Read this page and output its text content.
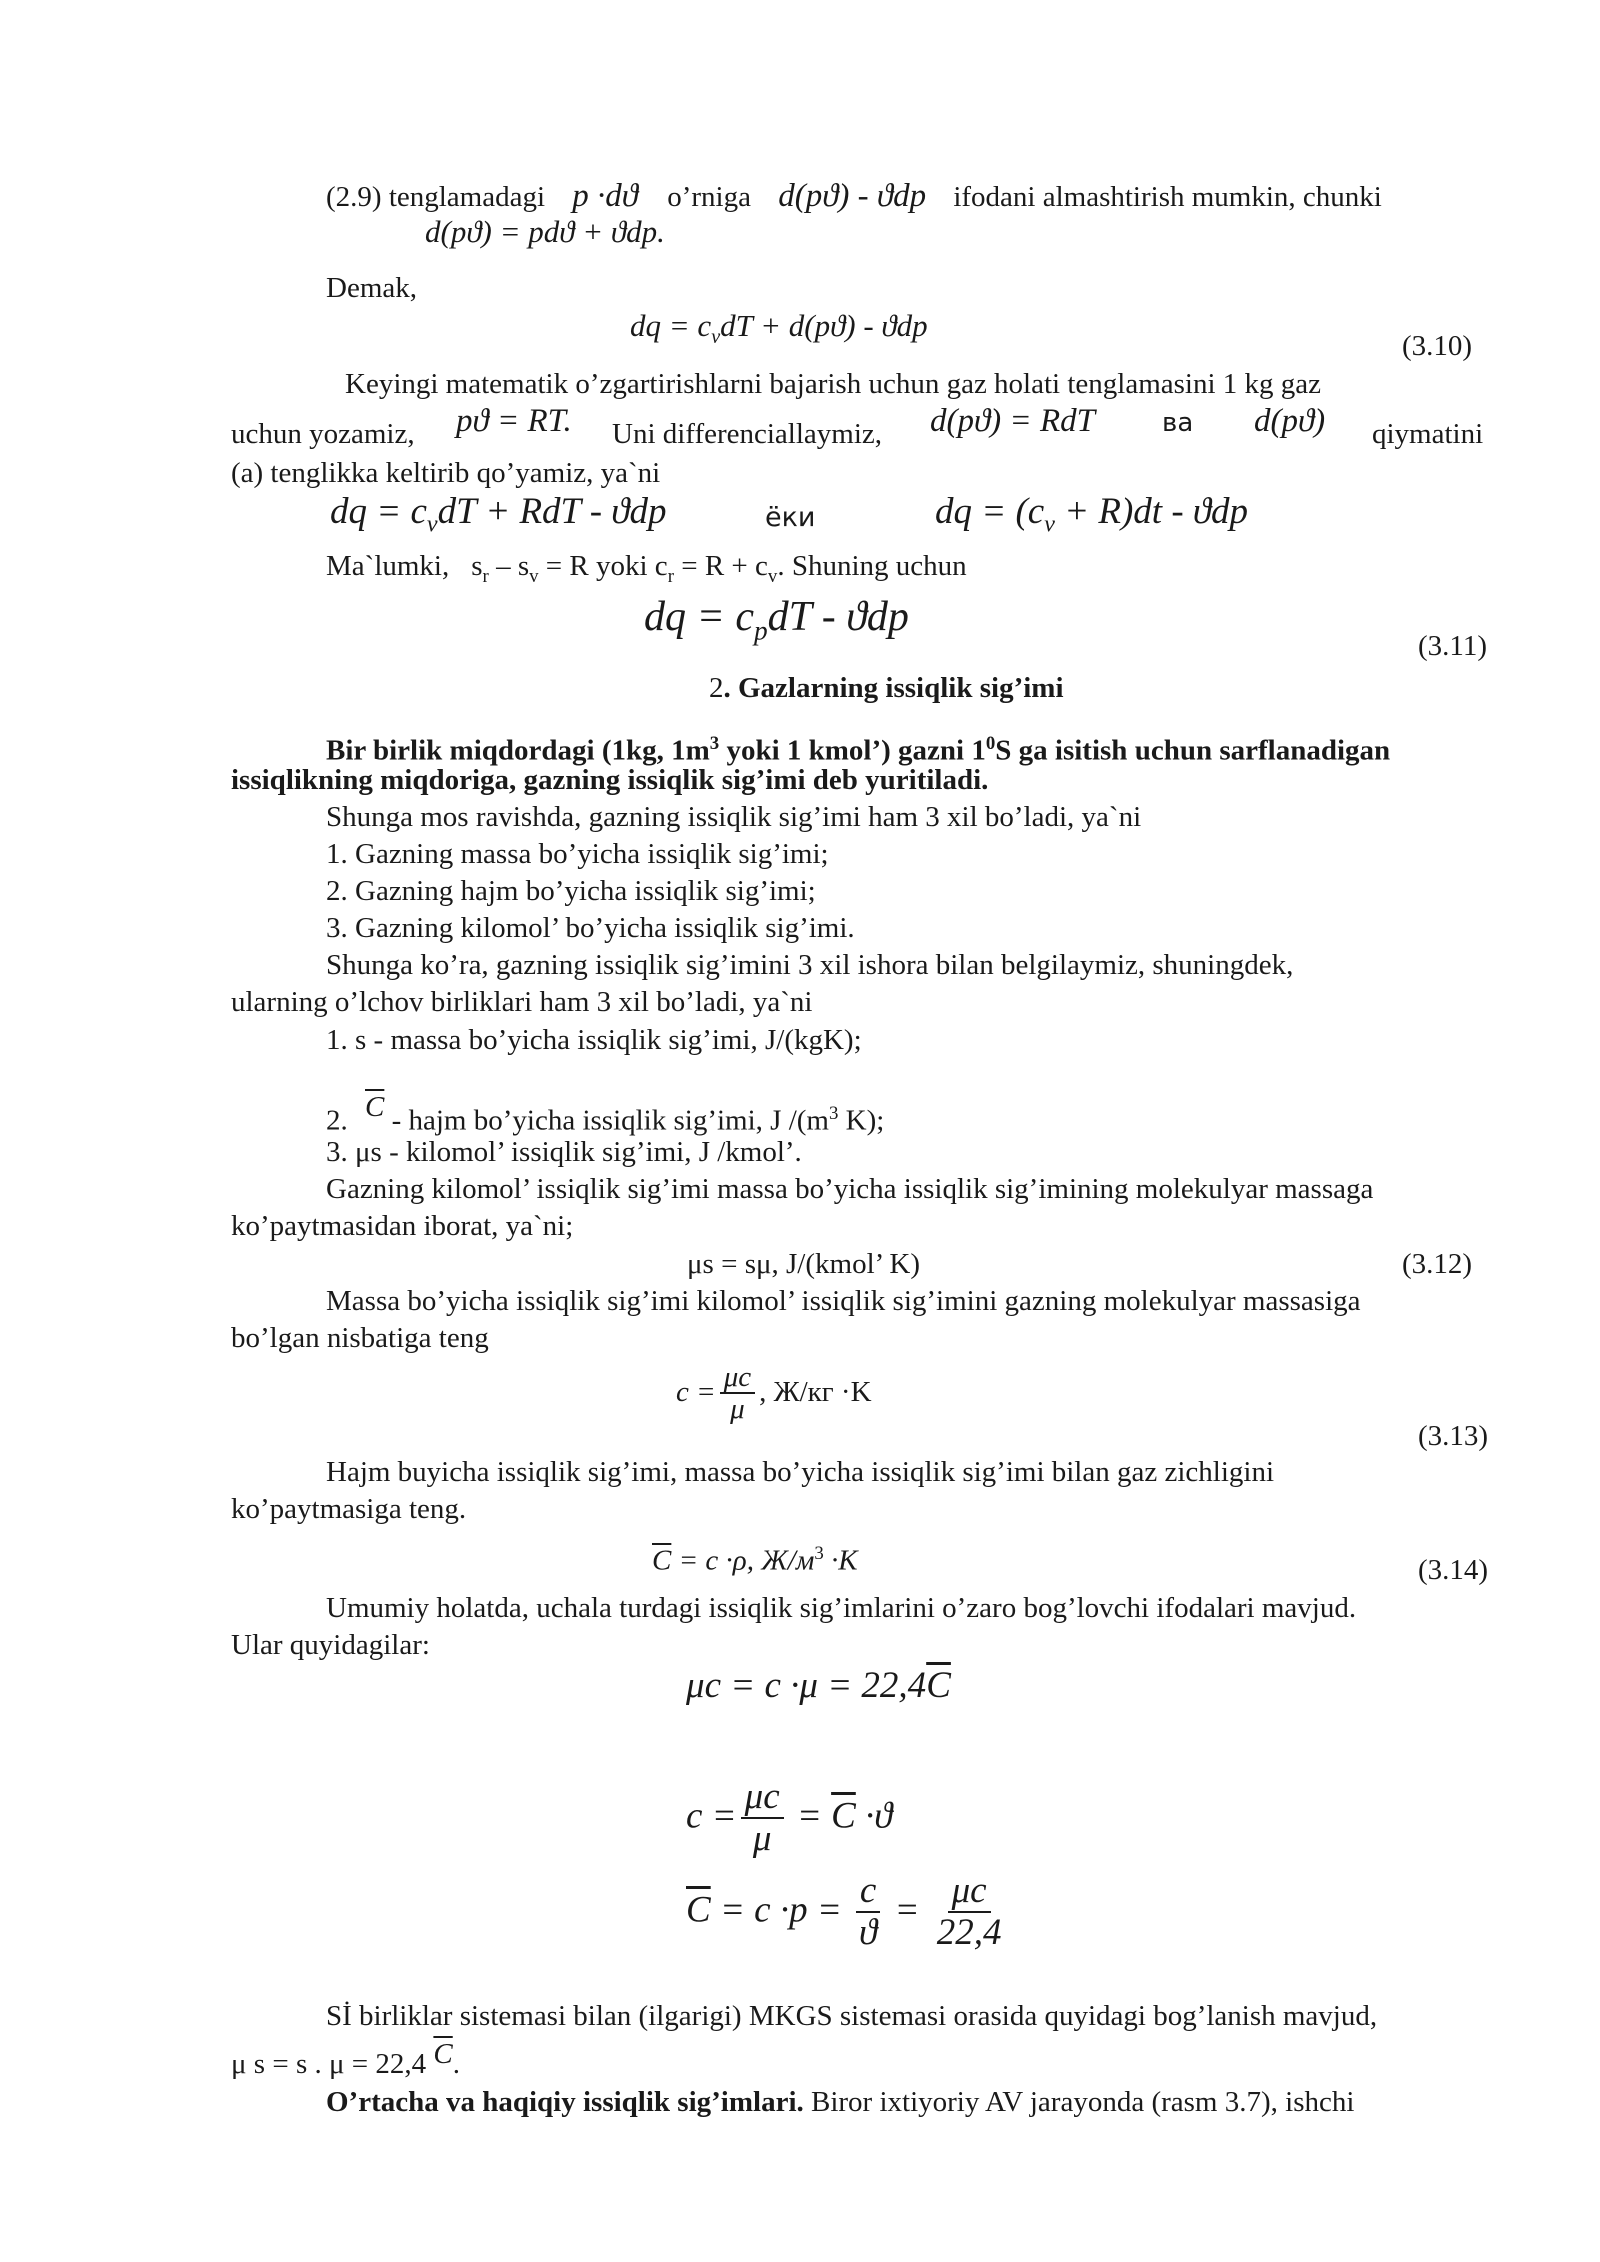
(2.9) tenglamadagi p ·dϑ o’rniga d(pϑ) - ϑdp ifodani almashtirish mumkin, chunki
d(pϑ) = pdϑ + ϑdp.
Demak,
dq = $c_vdT + d(pϑ) - ϑdp$
(3.10)
Keyingi matematik o’zgartirishlarni bajarish uchun gaz holati tenglamasini 1 kg gaz
uchun yozamiz, pϑ = RT. Uni differenciallaymiz, d(pϑ) = RdT	ва d(pϑ) qiymatini
(a) tenglikka keltirib qo’yamiz, ya`ni
dq = $c_vdT$ + RdT - ϑdp	ёки	dq = $(c_v + R)dt - ϑdp$
Ma`lumki, $s_r - s_v = R$ yoki $c_r = R + c_v$. Shuning uchun
dq = $c_pdT$ - ϑdp
(3.11)
2. Gazlarning issiqlik sig’imi
Bir birlik miqdordagi (1kg, $1m^3$ yoki 1 kmol’) gazni $1^0S$ ga isitish uchun sarflanadigan
issiqlikning miqdoriga, gazning issiqlik sig’imi deb yuritiladi.
Shunga mos ravishda, gazning issiqlik sig’imi ham 3 xil bo’ladi, ya`ni
1. Gazning massa bo’yicha issiqlik sig’imi;
2. Gazning hajm bo’yicha issiqlik sig’imi;
3. Gazning kilomol’ bo’yicha issiqlik sig’imi.
Shunga ko’ra, gazning issiqlik sig’imini 3 xil ishora bilan belgilaymiz, shuningdek,
ularning o’lchov birliklari ham 3 xil bo’ladi, ya`ni
1. s - massa bo’yicha issiqlik sig’imi, J/(kgK);
2. $\overline{C}$ - hajm bo’yicha issiqlik sig’imi, J $/(m^3$ K);
3. μs - kilomol’ issiqlik sig’imi, J /kmol’.
Gazning kilomol’ issiqlik sig’imi massa bo’yicha issiqlik sig’imining molekulyar massaga
ko’paytmasidan iborat, ya`ni;
μs = sμ, J/(kmol’ K)	(3.12)
Massa bo’yicha issiqlik sig’imi kilomol’ issiqlik sig’imini gazning molekulyar massasiga
bo’lgan nisbatiga teng
$c = \frac{\mu c}{\mu}$ , Ж/кг ·K
(3.13)
Hajm buyicha issiqlik sig’imi, massa bo’yicha issiqlik sig’imi bilan gaz zichligini
ko’paytmasiga teng.
$\overline{C} = c \cdot\rho$, $Ж/м^3 \cdot K$	(3.14)
Umumiy holatda, uchala turdagi issiqlik sig’imlarini o’zaro bog’lovchi ifodalari mavjud.
Ular quyidagilar:
$\mu c = c \cdot\mu = 22,4\overline{C}$
$c = \frac{\mu c}{\mu} = \overline{C} \cdot ϑ$
$\overline{C} = c \cdot p = \frac{c}{ϑ} = \frac{\mu c}{22,4}$
Sİ birliklar sistemasi bilan (ilgarigi) MKGS sistemasi orasida quyidagi bog’lanish mavjud,
μ s = s . μ = 22,4 $\overline{C}$.
O’rtacha va haqiqiy issiqlik sig’imlari. Biror ixtiyoriy AV jarayonda (rasm 3.7), ishchi
